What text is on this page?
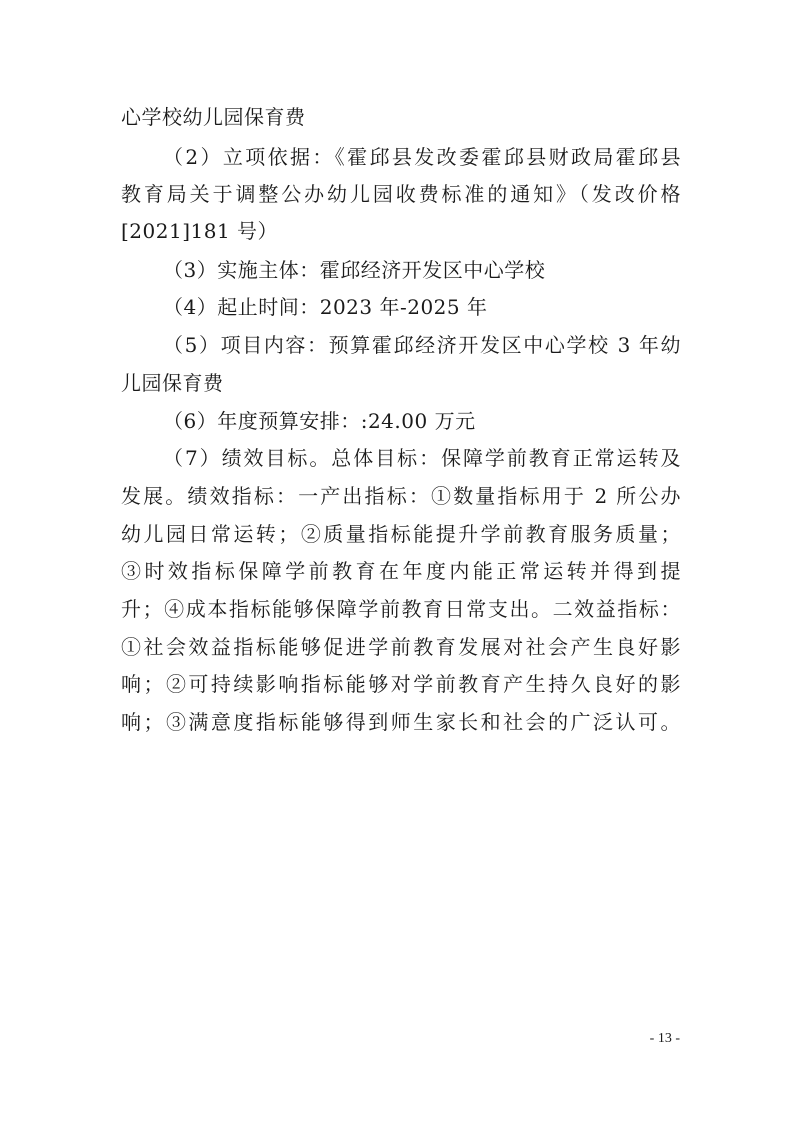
心学校幼儿园保育费
（2）立项依据：《霍邱县发改委霍邱县财政局霍邱县
教育局关于调整公办幼儿园收费标准的通知》（发改价格
[2021]181 号）
（3）实施主体：霍邱经济开发区中心学校
（4）起止时间：2023 年-2025 年
（5）项目内容：预算霍邱经济开发区中心学校 3 年幼
儿园保育费
（6）年度预算安排：:24.00 万元
（7）绩效目标。总体目标：保障学前教育正常运转及
发展。绩效指标：一产出指标：①数量指标用于 2 所公办
幼儿园日常运转；②质量指标能提升学前教育服务质量；
③时效指标保障学前教育在年度内能正常运转并得到提
升；④成本指标能够保障学前教育日常支出。二效益指标：
①社会效益指标能够促进学前教育发展对社会产生良好影
响；②可持续影响指标能够对学前教育产生持久良好的影
响；③满意度指标能够得到师生家长和社会的广泛认可。
- 13 -
